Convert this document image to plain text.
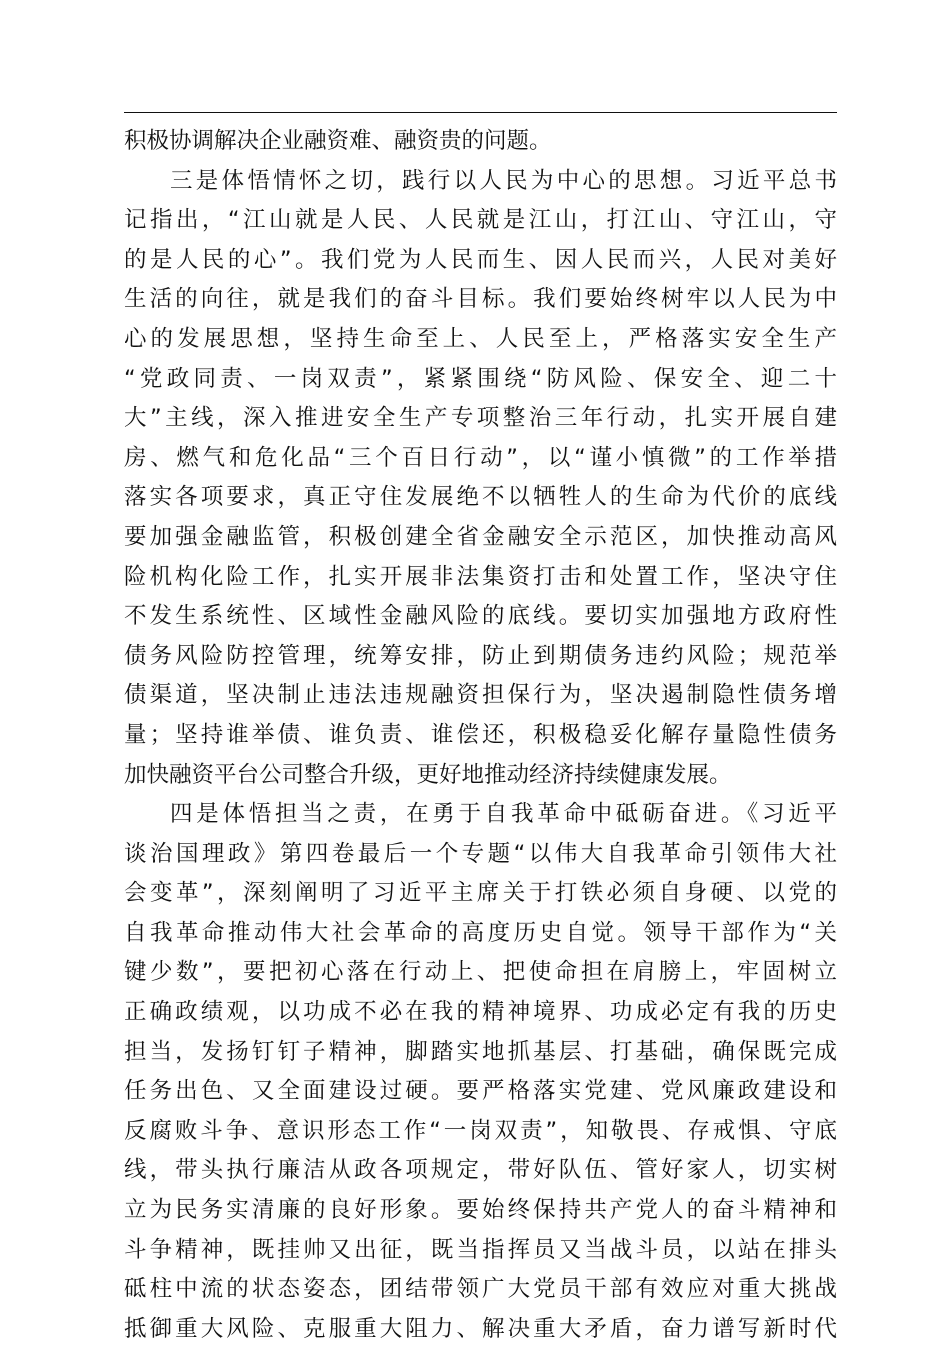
积极协调解决企业融资难、融资贵的问题。
三是体悟情怀之切，践行以人民为中心的思想。习近平总书
记指出，“江山就是人民、人民就是江山，打江山、守江山，守
的是人民的心”。我们党为人民而生、因人民而兴，人民对美好
生活的向往，就是我们的奋斗目标。我们要始终树牢以人民为中
心的发展思想，坚持生命至上、人民至上，严格落实安全生产
“党政同责、一岗双责”，紧紧围绕“防风险、保安全、迎二十
大”主线，深入推进安全生产专项整治三年行动，扎实开展自建
房、燃气和危化品“三个百日行动”，以“谨小慎微”的工作举措
落实各项要求，真正守住发展绝不以牺牲人的生命为代价的底线
要加强金融监管，积极创建全省金融安全示范区，加快推动高风
险机构化险工作，扎实开展非法集资打击和处置工作，坚决守住
不发生系统性、区域性金融风险的底线。要切实加强地方政府性
债务风险防控管理，统筹安排，防止到期债务违约风险；规范举
债渠道，坚决制止违法违规融资担保行为，坚决遏制隐性债务增
量；坚持谁举债、谁负责、谁偿还，积极稳妥化解存量隐性债务
加快融资平台公司整合升级，更好地推动经济持续健康发展。
四是体悟担当之责，在勇于自我革命中砥砺奋进。《习近平
谈治国理政》第四卷最后一个专题“以伟大自我革命引领伟大社
会变革”，深刻阐明了习近平主席关于打铁必须自身硬、以党的
自我革命推动伟大社会革命的高度历史自觉。领导干部作为“关
键少数”，要把初心落在行动上、把使命担在肩膀上，牢固树立
正确政绩观，以功成不必在我的精神境界、功成必定有我的历史
担当，发扬钉钉子精神，脚踏实地抓基层、打基础，确保既完成
任务出色、又全面建设过硬。要严格落实党建、党风廉政建设和
反腐败斗争、意识形态工作“一岗双责”，知敬畏、存戒惧、守底
线，带头执行廉洁从政各项规定，带好队伍、管好家人，切实树
立为民务实清廉的良好形象。要始终保持共产党人的奋斗精神和
斗争精神，既挂帅又出征，既当指挥员又当战斗员，以站在排头
砥柱中流的状态姿态，团结带领广大党员干部有效应对重大挑战
抵御重大风险、克服重大阻力、解决重大矛盾，奋力谱写新时代
